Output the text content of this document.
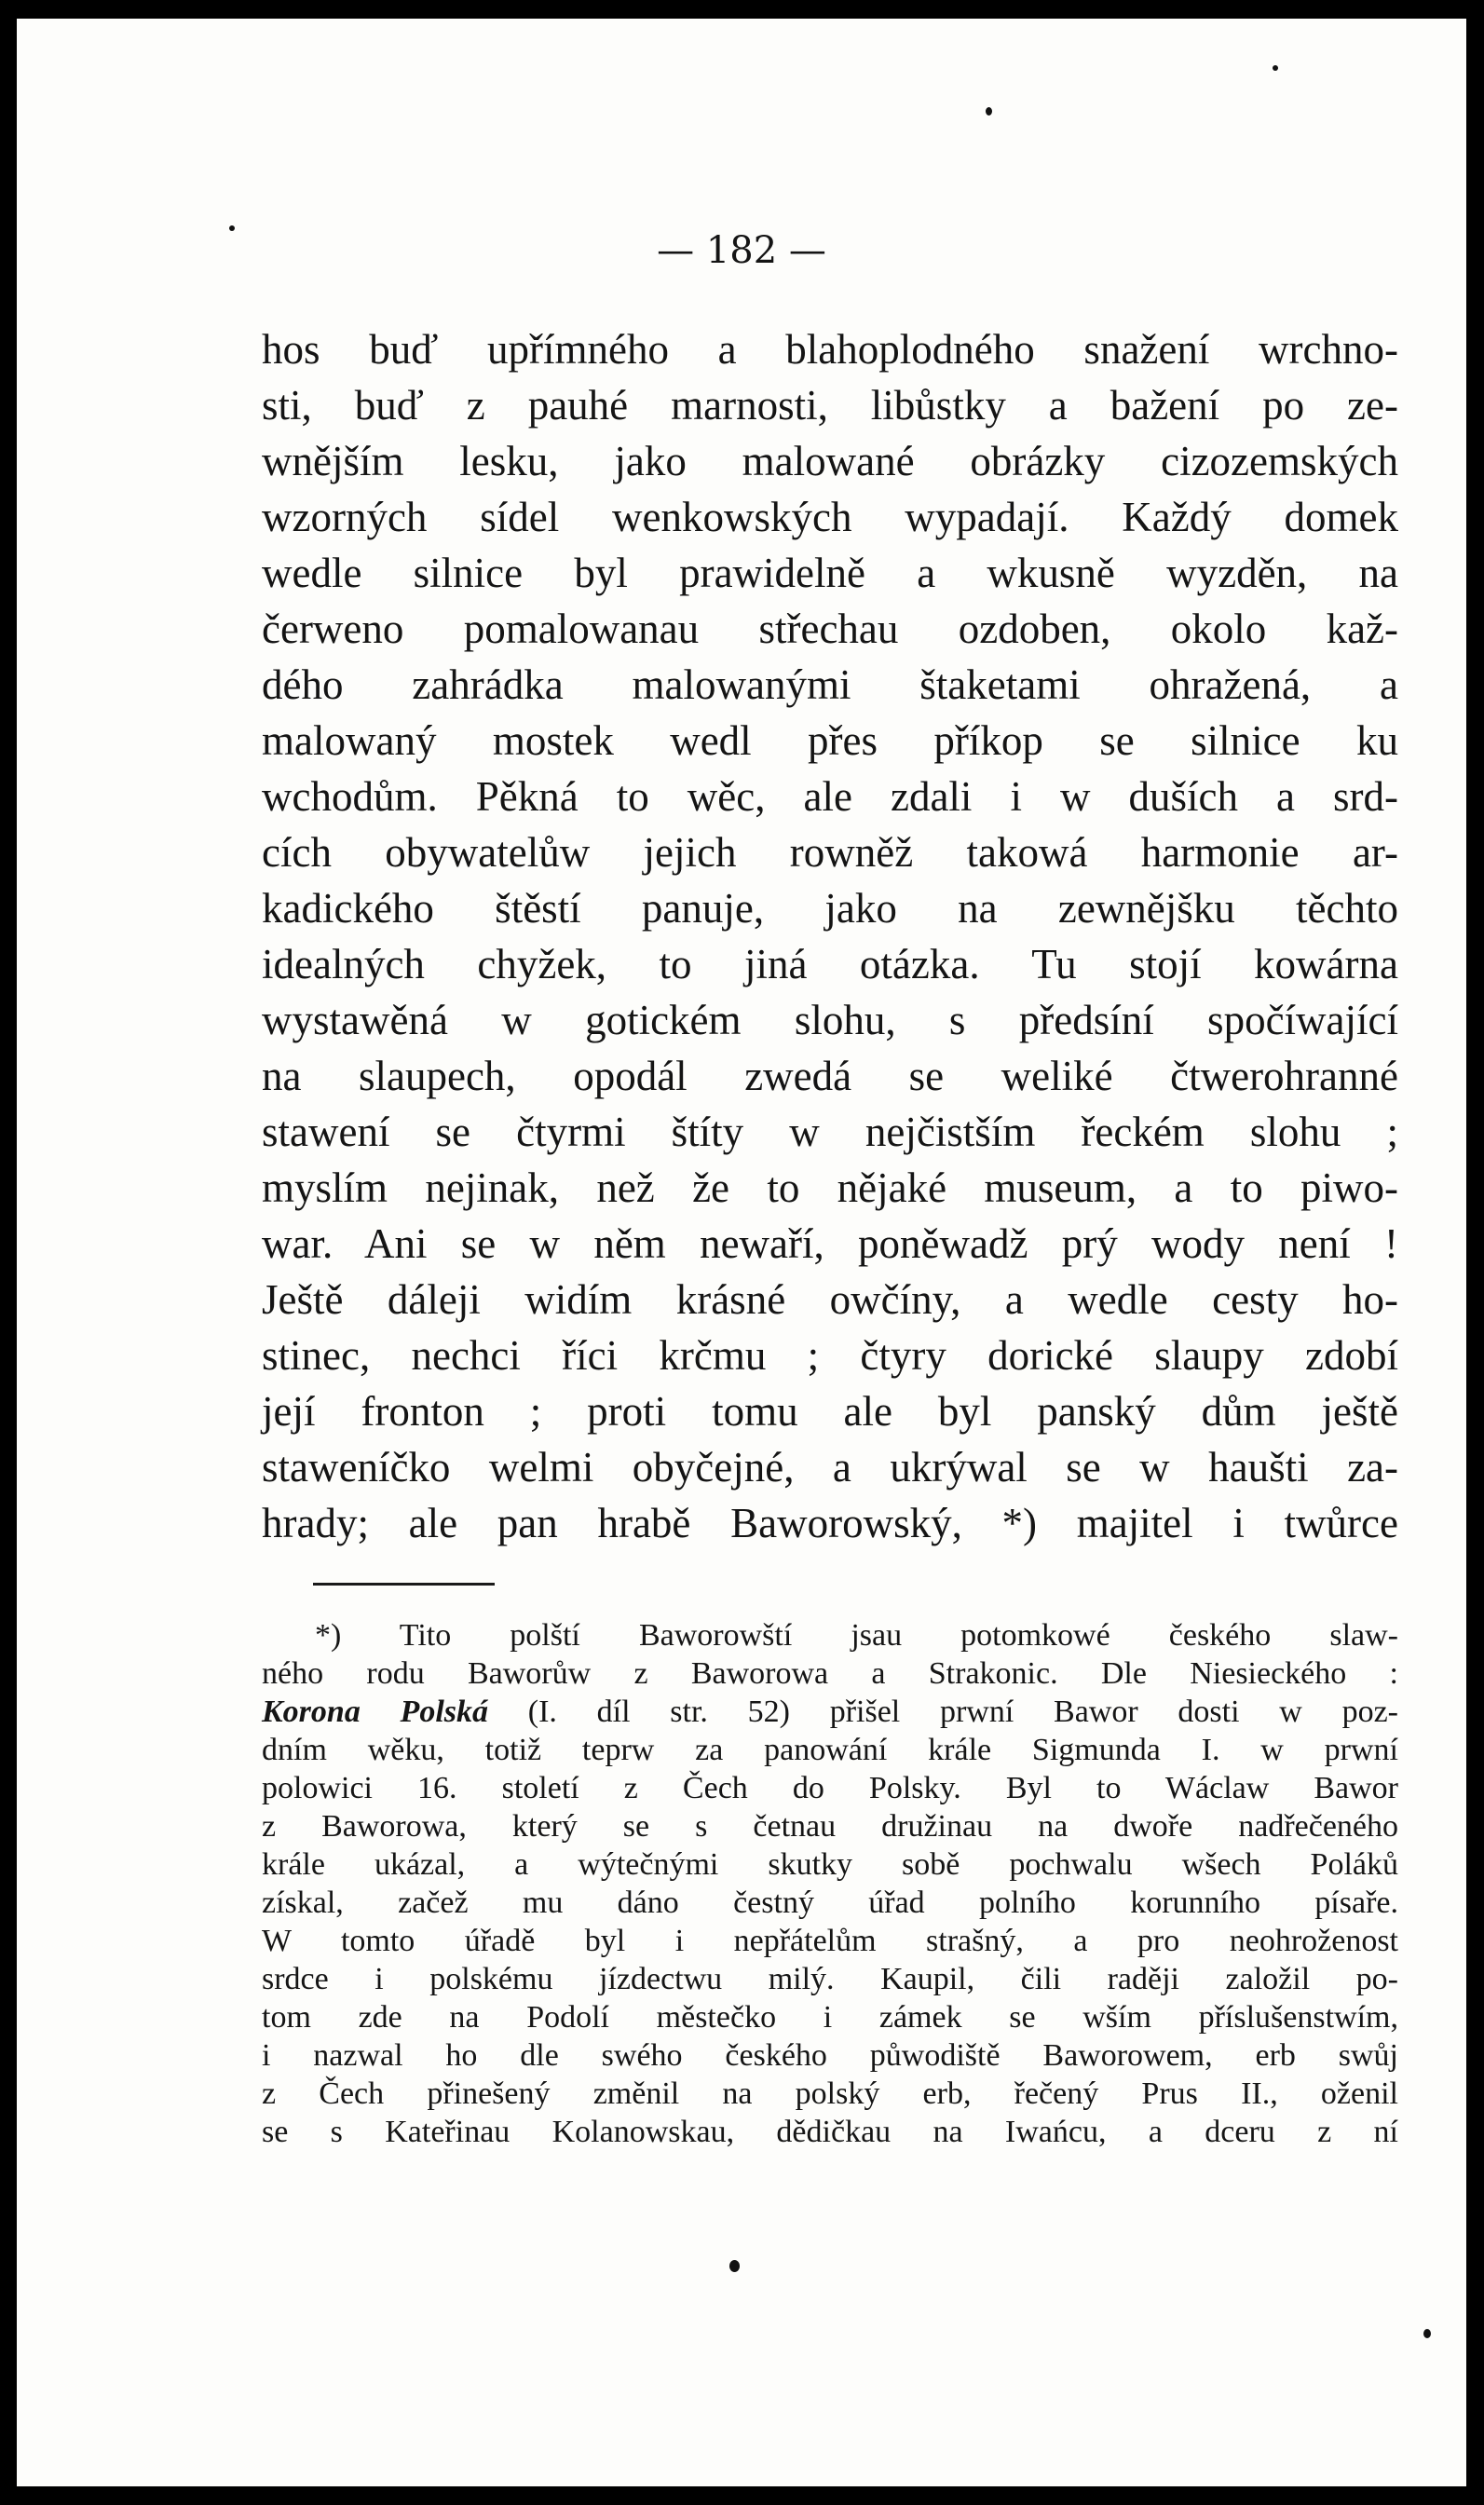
— 182 —
hos buď upřímného a blahoplodného snažení wrchno-
sti, buď z pauhé marnosti, libůstky a bažení po ze-
wnějším lesku, jako malowané obrázky cizozemských
wzorných sídel wenkowských wypadají. Každý domek
wedle silnice byl prawidelně a wkusně wyzděn, na
čerweno pomalowanau střechau ozdoben, okolo kaž-
dého zahrádka malowanými štaketami ohražená, a
malowaný mostek wedl přes příkop se silnice ku
wchodům. Pěkná to wěc, ale zdali i w duších a srd-
cích obywatelůw jejich rowněž takowá harmonie ar-
kadického štěstí panuje, jako na zewnějšku těchto
idealných chyžek, to jiná otázka. Tu stojí kowárna
wystawěná w gotickém slohu, s předsíní spočíwající
na slaupech, opodál zwedá se weliké čtwerohranné
stawení se čtyrmi štíty w nejčistším řeckém slohu ;
myslím nejinak, než že to nějaké museum, a to piwo-
war. Ani se w něm newaří, poněwadž prý wody není !
Ještě dáleji widím krásné owčíny, a wedle cesty ho-
stinec, nechci říci krčmu ; čtyry dorické slaupy zdobí
její fronton ; proti tomu ale byl panský dům ještě
staweníčko welmi obyčejné, a ukrýwal se w haušti za-
hrady; ale pan hrabě Baworowský, *) majitel i twůrce
*) Tito polští Baworowští jsau potomkowé českého slaw-
ného rodu Baworůw z Baworowa a Strakonic. Dle Niesieckého :
Korona Polská (I. díl str. 52) přišel prwní Bawor dosti w poz-
dním wěku, totiž teprw za panowání krále Sigmunda I. w prwní
polowici 16. století z Čech do Polsky. Byl to Wáclaw Bawor
z Baworowa, který se s četnau družinau na dwoře nadřečeného
krále ukázal, a wýtečnými skutky sobě pochwalu wšech Poláků
získal, začež mu dáno čestný úřad polního korunního písaře.
W tomto úřadě byl i nepřátelům strašný, a pro neohroženost
srdce i polskému jízdectwu milý. Kaupil, čili raději založil po-
tom zde na Podolí městečko i zámek se wším příslušenstwím,
i nazwal ho dle swého českého půwodiště Baworowem, erb swůj
z Čech přinešený změnil na polský erb, řečený Prus II., oženil
se s Kateřinau Kolanowskau, dědičkau na Iwańcu, a dceru z ní
